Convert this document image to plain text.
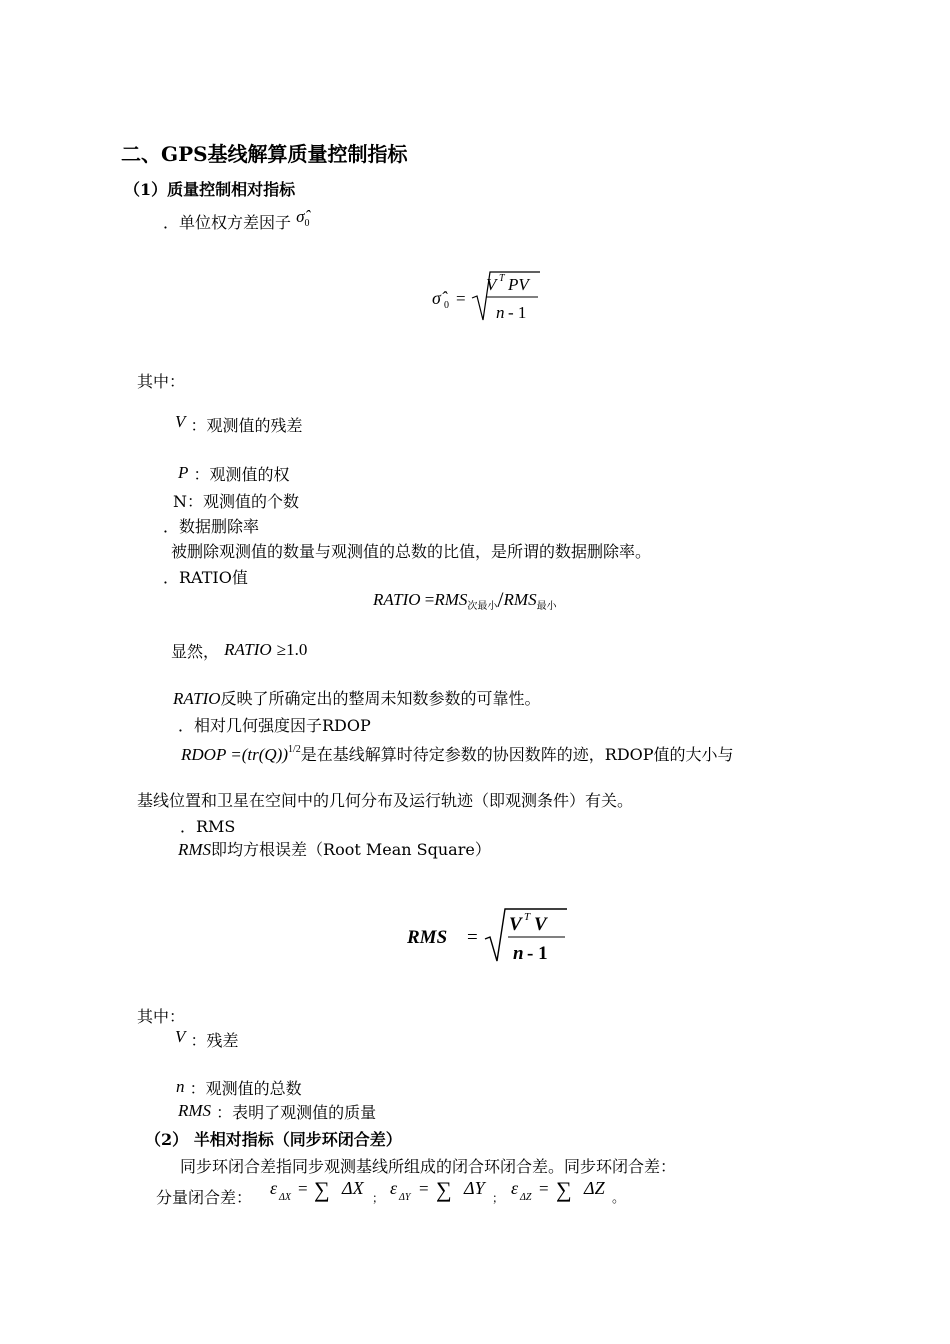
二、GPS基线解算质量控制指标
（1）质量控制相对指标
．单位权方差因子 $\sigmâ_0$
σ̂ 0 =
V T PV
n - 1
其中：
V ：观测值的残差
P ：观测值的权
N：观测值的个数
．数据删除率
被删除观测值的数量与观测值的总数的比值，是所谓的数据删除率。
．RATIO值
RATIO $=RMS_{次最小}/RMS_{最小}$
显然， RATIO ≥1.0
RATIO反映了所确定出的整周未知数参数的可靠性。
．相对几何强度因子RDOP
RDOP $=(tr(Q))^{1/2}$是在基线解算时待定参数的协因数阵的迹，RDOP值的大小与
基线位置和卫星在空间中的几何分布及运行轨迹（即观测条件）有关。
．RMS
RMS即均方根误差（Root Mean Square）
RMS =
V T V
n - 1
其中：
V ：残差
n ：观测值的总数
RMS ：表明了观测值的质量
（2） 半相对指标（同步环闭合差）
同步环闭合差指同步观测基线所组成的闭合环闭合差。同步环闭合差：
分量闭合差： ε ΔX = ∑ ΔX ； ε ΔY = ∑ ΔY ； ε ΔZ = ∑ ΔZ 。
